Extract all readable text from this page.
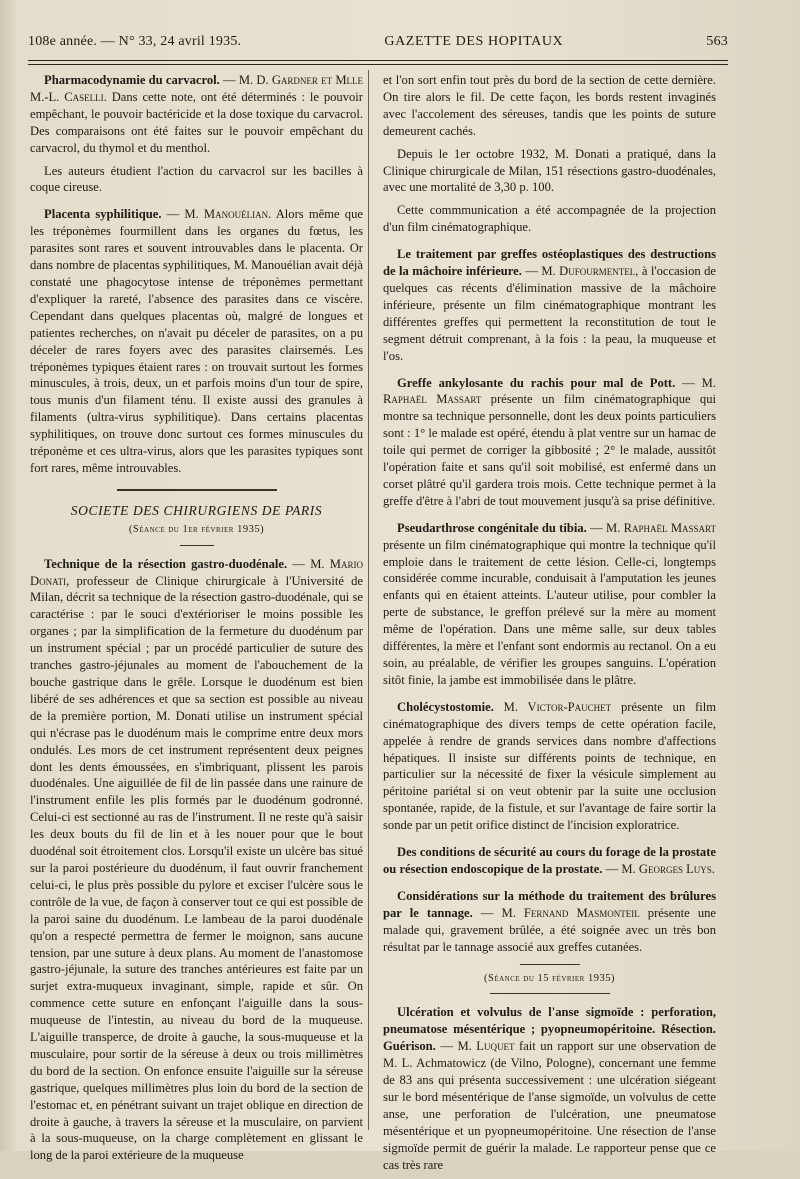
108e année. — N° 33, 24 avril 1935.	GAZETTE DES HOPITAUX	563

Pharmacodynamie du carvacrol. — M. D. Gardner et Mlle M.-L. Caselli. Dans cette note, ont été déterminés : le pouvoir empêchant, le pouvoir bactéricide et la dose toxique du carvacrol. Des comparaisons ont été faites sur le pouvoir empêchant du carvacrol, du thymol et du menthol.

Les auteurs étudient l'action du carvacrol sur les bacilles à coque cireuse.

Placenta syphilitique. — M. Manouélian. Alors même que les tréponèmes fourmillent dans les organes du fœtus, les parasites sont rares et souvent introuvables dans le placenta. Or dans nombre de placentas syphilitiques, M. Manouélian avait déjà constaté une phagocytose intense de tréponèmes permettant d'expliquer la rareté, l'absence des parasites dans ce viscère. Cependant dans quelques placentas où, malgré de longues et patientes recherches, on n'avait pu déceler de parasites, on a pu déceler de rares foyers avec des parasites clairsemés. Les tréponèmes typiques étaient rares : on trouvait surtout les formes minuscules, à trois, deux, un et parfois moins d'un tour de spire, tous munis d'un filament ténu. Il existe aussi des granules à filaments (ultra-virus syphilitique). Dans certains placentas syphilitiques, on trouve donc surtout ces formes minuscules du tréponème et ces ultra-virus, alors que les parasites typiques sont fort rares, même introuvables.

SOCIETE DES CHIRURGIENS DE PARIS
(Séance du 1er février 1935)

Technique de la résection gastro-duodénale. — M. Mario Donati, professeur de Clinique chirurgicale à l'Université de Milan, décrit sa technique de la résection gastro-duodénale, qui se caractérise : par le souci d'extérioriser le moins possible les organes ; par la simplification de la fermeture du duodénum par un instrument spécial ; par un procédé particulier de suture des tranches gastro-jéjunales au moment de l'abouchement de la bouche gastrique dans le grêle. Lorsque le duodénum est bien libéré de ses adhérences et que sa section est possible au niveau de la première portion, M. Donati utilise un instrument spécial qui n'écrase pas le duodénum mais le comprime entre deux mors ondulés. Les mors de cet instrument représentent deux peignes dont les dents émoussées, en s'imbriquant, plissent les parois duodénales. Une aiguillée de fil de lin passée dans une rainure de l'instrument enfile les plis formés par le duodénum godronné. Celui-ci est sectionné au ras de l'instrument. Il ne reste qu'à saisir les deux bouts du fil de lin et à les nouer pour que le bout duodénal soit étroitement clos. Lorsqu'il existe un ulcère bas situé sur la paroi postérieure du duodénum, il faut ouvrir franchement celui-ci, le plus près possible du pylore et exciser l'ulcère sous le contrôle de la vue, de façon à conserver tout ce qui est possible de la paroi saine du duodénum. Le lambeau de la paroi duodénale qu'on a respecté permettra de fermer le moignon, sans aucune tension, par une suture à deux plans. Au moment de l'anastomose gastro-jéjunale, la suture des tranches antérieures est faite par un surjet extra-muqueux invaginant, simple, rapide et sûr. On commence cette suture en enfonçant l'aiguille dans la sous-muqueuse de l'intestin, au niveau du bord de la muqueuse. L'aiguille transperce, de droite à gauche, la sous-muqueuse et la musculaire, pour sortir de la séreuse à deux ou trois millimètres du bord de la section. On enfonce ensuite l'aiguille sur la séreuse gastrique, quelques millimètres plus loin du bord de la section de l'estomac et, en pénétrant suivant un trajet oblique en direction de droite à gauche, à travers la séreuse et la musculaire, on parvient à la sous-muqueuse, on la charge complètement en glissant le long de la paroi extérieure de la muqueuse

et l'on sort enfin tout près du bord de la section de cette dernière. On tire alors le fil. De cette façon, les bords restent invaginés avec l'accolement des séreuses, tandis que les points de suture demeurent cachés.

Depuis le 1er octobre 1932, M. Donati a pratiqué, dans la Clinique chirurgicale de Milan, 151 résections gastro-duodénales, avec une mortalité de 3,30 p. 100.

Cette commmunication a été accompagnée de la projection d'un film cinématographique.

Le traitement par greffes ostéoplastiques des destructions de la mâchoire inférieure. — M. Dufourmentel, à l'occasion de quelques cas récents d'élimination massive de la mâchoire inférieure, présente un film cinématographique montrant les différentes greffes qui permettent la reconstitution de tout le segment détruit comprenant, à la fois : la peau, la muqueuse et l'os.

Greffe ankylosante du rachis pour mal de Pott. — M. Raphaël Massart présente un film cinématographique qui montre sa technique personnelle, dont les deux points particuliers sont : 1° le malade est opéré, étendu à plat ventre sur un hamac de toile qui permet de corriger la gibbosité ; 2° le malade, aussitôt l'opération faite et sans qu'il soit mobilisé, est enfermé dans un corset plâtré qu'il gardera trois mois. Cette technique permet à la greffe d'être à l'abri de tout mouvement jusqu'à sa prise définitive.

Pseudarthrose congénitale du tibia. — M. Raphaël Massart présente un film cinématographique qui montre la technique qu'il emploie dans le traitement de cette lésion. Celle-ci, longtemps considérée comme incurable, conduisait à l'amputation les jeunes enfants qui en étaient atteints. L'auteur utilise, pour combler la perte de substance, le greffon prélevé sur la mère au moment même de l'opération. Dans une même salle, sur deux tables différentes, la mère et l'enfant sont endormis au rectanol. On a eu soin, au préalable, de vérifier les groupes sanguins. L'opération sitôt finie, la jambe est immobilisée dans le plâtre.

Cholécystostomie. M. Victor-Pauchet présente un film cinématographique des divers temps de cette opération facile, appelée à rendre de grands services dans nombre d'affections hépatiques. Il insiste sur différents points de technique, en particulier sur la nécessité de fixer la vésicule simplement au péritoine pariétal si on veut obtenir par la suite une occlusion spontanée, rapide, de la fistule, et sur l'avantage de faire sortir la sonde par un petit orifice distinct de l'incision exploratrice.

Des conditions de sécurité au cours du forage de la prostate ou résection endoscopique de la prostate. — M. Georges Luys.

Considérations sur la méthode du traitement des brûlures par le tannage. — M. Fernand Masmonteil présente une malade qui, gravement brûlée, a été soignée avec un très bon résultat par le tannage associé aux greffes cutanées.

(Séance du 15 février 1935)

Ulcération et volvulus de l'anse sigmoïde : perforation, pneumatose mésentérique ; pyopneumopéritoine. Résection. Guérison. — M. Luquet fait un rapport sur une observation de M. L. Achmatowicz (de Vilno, Pologne), concernant une femme de 83 ans qui présenta successivement : une ulcération siégeant sur le bord mésentérique de l'anse sigmoïde, un volvulus de cette anse, une perforation de l'ulcération, une pneumatose mésentérique et un pyopneumopéritoine. Une résection de l'anse sigmoïde permit de guérir la malade. Le rapporteur pense que ce cas très rare
